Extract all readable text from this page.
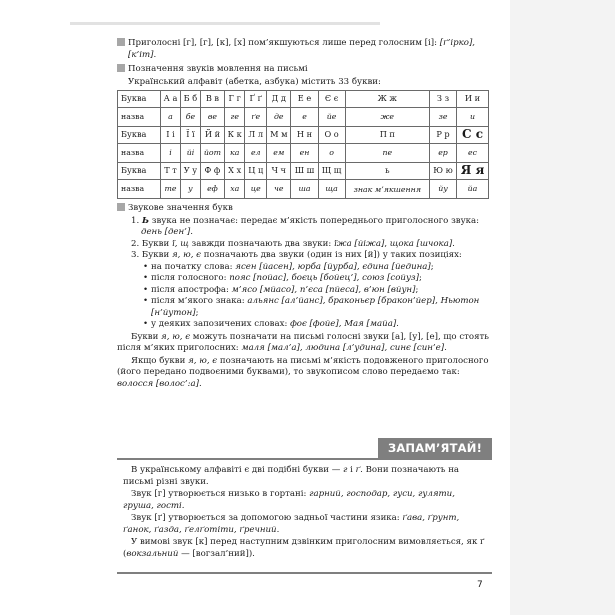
Приголосні [г], [г], [к], [х] пом’якшуються лише перед голосним [і]: [ґ’ірко], [к’іт].

Позначення звуків мовлення на письмі

Український алфавіт (абетка, азбука) містить 33 букви:

Буква	А а	Б б	В в	Г г	Ґ ґ	Д д	Е е	Є є	Ж ж	З з	И и
назва	а	бе	ве	ге	ґе	де	е	йе	же	зе	и
Буква	І і	Ї ї	Й й	К к	Л л	М м	Н н	О о	П п	Р р	С с
назва	і	йі	йот	ка	ел	ем	ен	о	пе	ер	ес
Буква	Т т	У у	Ф ф	Х х	Ц ц	Ч ч	Ш ш	Щ щ	ь	Ю ю	Я я
назва	те	у	еф	ха	це	че	ша	ща	знак м’якшення	йу	йа

Звукове значення букв

1. Ь звука не позначає: передає м’якість попереднього приголосного звука: день [ден’].
2. Букви ї, щ завжди позначають два звуки: їжа [йіжа], щока [шчока].
3. Букви я, ю, є позначають два звуки (один із них [й]) у таких позиціях:
• на початку слова: ясен [йасен], юрба [йурба], єдина [йедина];
• після голосного: пояс [пойас], боєць [бойец’], союз [сойуз];
• після апострофа: м’ясо [мйасо], п’єса [пйеса], в’юн [вйун];
• після м’якого знака: альянс [ал’йанс], браконьєр [бракон’йер], Ньютон [н’йутон];
• у деяких запозичених словах: фоє [фойе], Мая [майа].

Букви я, ю, є можуть позначати на письмі голосні звуки [а], [у], [е], що стоять після м’яких приголосних: маля [мал’а], людина [л’удина], синє [син’е].

Якщо букви я, ю, є позначають на письмі м’якість подовженого приголосного (його передано подвоєними буквами), то звукописом слово передаємо так: волосся [волос’:а].

ЗАПАМ’ЯТАЙ!

В українському алфавіті є дві подібні букви — г і ґ. Вони позначають на письмі різні звуки.

Звук [г] утворюється низько в гортані: гарний, господар, гуси, гуляти, груша, гості.

Звук [ґ] утворюється за допомогою задньої частини язика: ґава, ґрунт, ґанок, ґазда, ґелґотіти, ґречний.

У вимові звук [к] перед наступним дзвінким приголосним вимовляється, як ґ (вокзальний — [вогзал’ний]).

7
